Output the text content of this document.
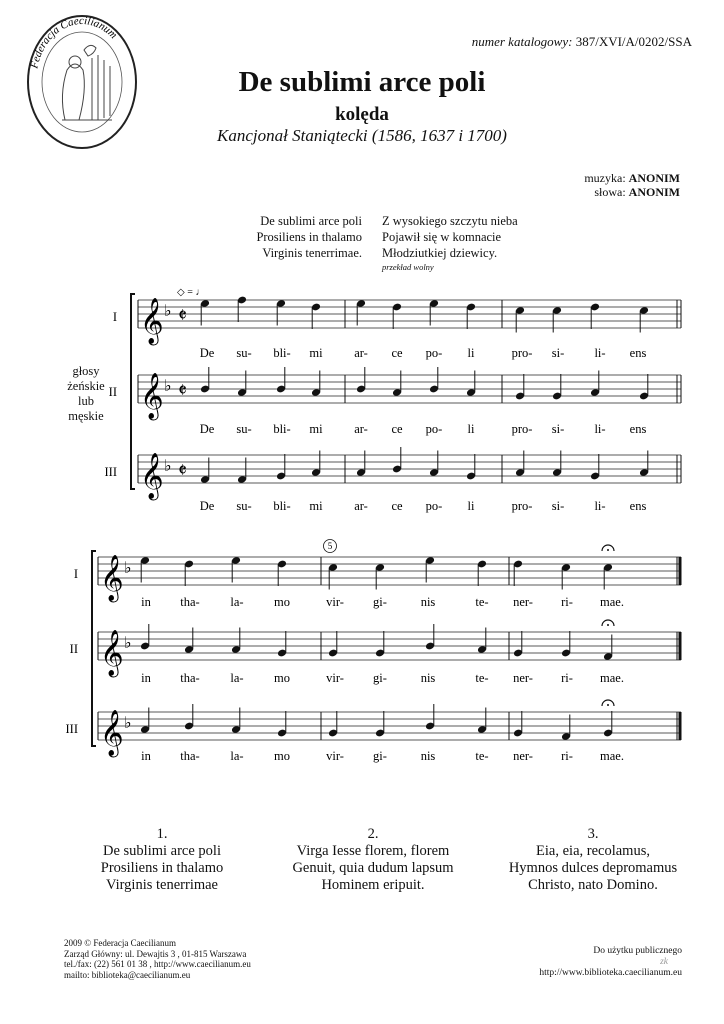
Federacja Caecilianum	numer katalogowy: 387/XVI/A/0202/SSA
De sublimi arce poli
kolęda
Kancjonał Staniątecki (1586, 1637 i 1700)
muzyka: ANONIM
słowa: ANONIM
De sublimi arce poli
Prosiliens in thalamo
Virginis tenerrimae.
Z wysokiego szczytu nieba
Pojawił się w komnacie
Młodziutkiej dziewicy.
przekład wolny
głosy
żeńskie
lub
męskie
◇ = ♩
𝄞 ♭ 𝄵
De su- bli- mi	ar- ce po- li	pro- si- li- ens
I
𝄞 ♭ 𝄵
De su- bli- mi	ar- ce po- li	pro- si- li- ens
II
𝄞 ♭ 𝄵
De su- bli- mi	ar- ce po- li	pro- si- li- ens
III
𝄞 ♭
in tha- la- mo	vir- gi-	nis	te- ner- ri- mae.
I
𝄞 ♭
in tha- la- mo	vir- gi-	nis	te- ner- ri- mae.
II
𝄞 ♭
in tha- la- mo	vir- gi-	nis	te- ner- ri- mae.
III
5
1.
De sublimi arce poli
Prosiliens in thalamo
Virginis tenerrimae
2.
Virga Iesse florem, florem
Genuit, quia dudum lapsum
Hominem eripuit.
3.
Eia, eia, recolamus,
Hymnos dulces depromamus
Christo, nato Domino.
2009 © Federacja Caecilianum
Zarząd Główny: ul. Dewajtis 3 , 01-815 Warszawa
tel./fax: (22) 561 01 38 , http://www.caecilianum.eu
mailto: biblioteka@caecilianum.eu
Do użytku publicznego
zk
http://www.biblioteka.caecilianum.eu
